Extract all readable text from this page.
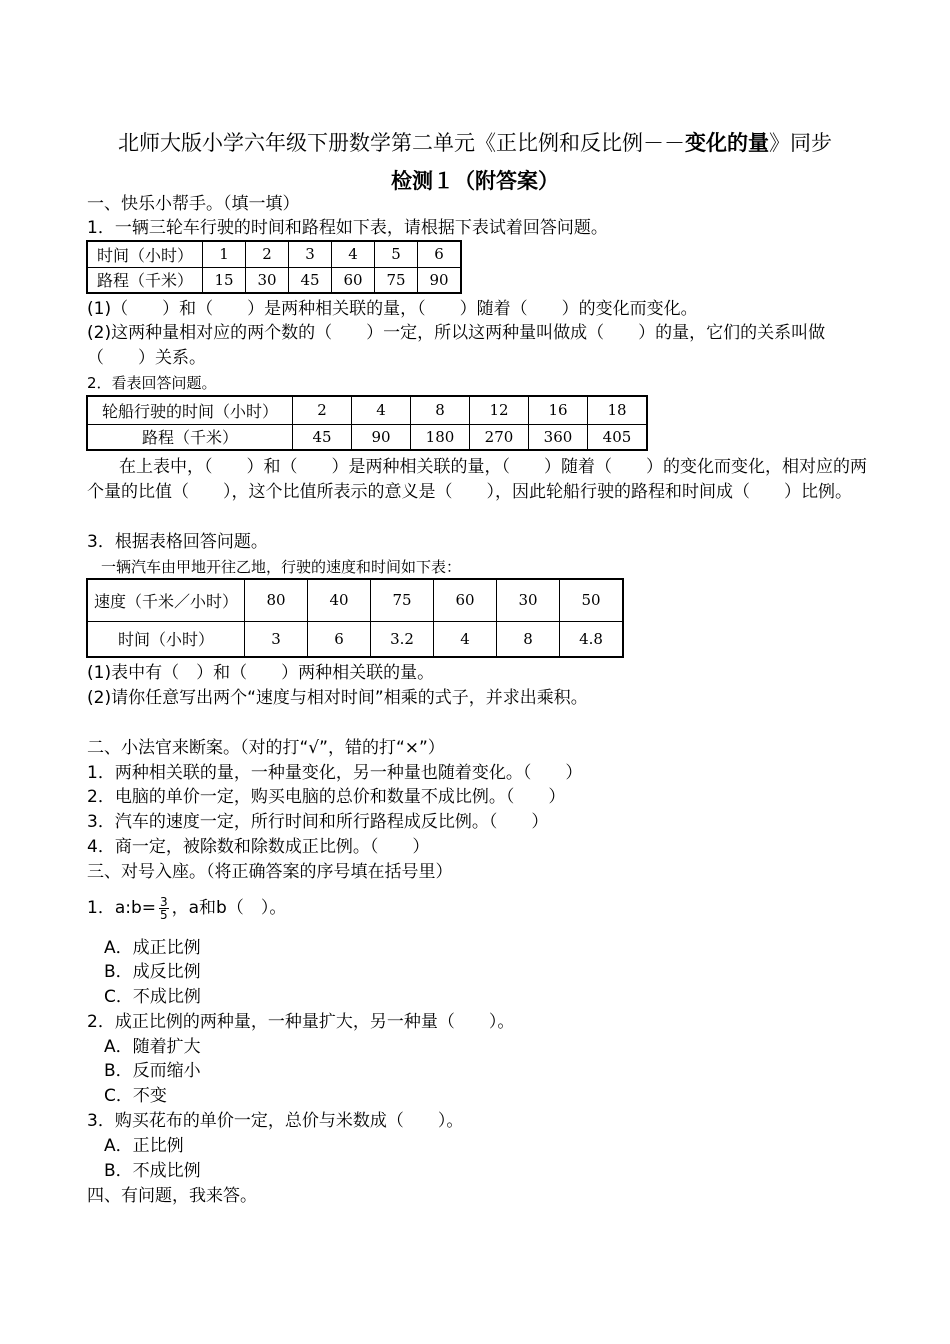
北师大版小学六年级下册数学第二单元《正比例和反比例－－变化的量》同步
检测１（附答案）
一、快乐小帮手。（填一填）
1．一辆三轮车行驶的时间和路程如下表，请根据下表试着回答问题。
时间（小时）	1	2	3	4	5	6
路程（千米）	15	30	45	60	75	90
(1)（　　）和（　　）是两种相关联的量，（　　）随着（　　）的变化而变化。
(2)这两种量相对应的两个数的（　　）一定，所以这两种量叫做成（　　）的量，它们的关系叫做（　　）关系。
2．看表回答问题。
轮船行驶的时间（小时）	2	4	8	12	16	18
路程（千米）	45	90	180	270	360	405
在上表中，（　　）和（　　）是两种相关联的量，（　　）随着（　　）的变化而变化，相对应的两个量的比值（　　），这个比值所表示的意义是（　　），因此轮船行驶的路程和时间成（　　）比例。
3．根据表格回答问题。
一辆汽车由甲地开往乙地，行驶的速度和时间如下表：
速度（千米／小时）	80	40	75	60	30	50
时间（小时）	3	6	3.2	4	8	4.8
(1)表中有（　）和（　　）两种相关联的量。
(2)请你任意写出两个“速度与相对时间”相乘的式子，并求出乘积。
二、小法官来断案。（对的打“√”，错的打“×”）
1．两种相关联的量，一种量变化，另一种量也随着变化。（　　）
2．电脑的单价一定，购买电脑的总价和数量不成比例。（　　）
3．汽车的速度一定，所行时间和所行路程成反比例。（　　）
4．商一定，被除数和除数成正比例。（　　）
三、对号入座。（将正确答案的序号填在括号里）
1．a:b= $\frac{3}{5}$ ，a和b（　）。
A．成正比例
B．成反比例
C．不成比例
2．成正比例的两种量，一种量扩大，另一种量（　　）。
A．随着扩大
B．反而缩小
C．不变
3．购买花布的单价一定，总价与米数成（　　）。
A．正比例
B．不成比例
四、有问题，我来答。
